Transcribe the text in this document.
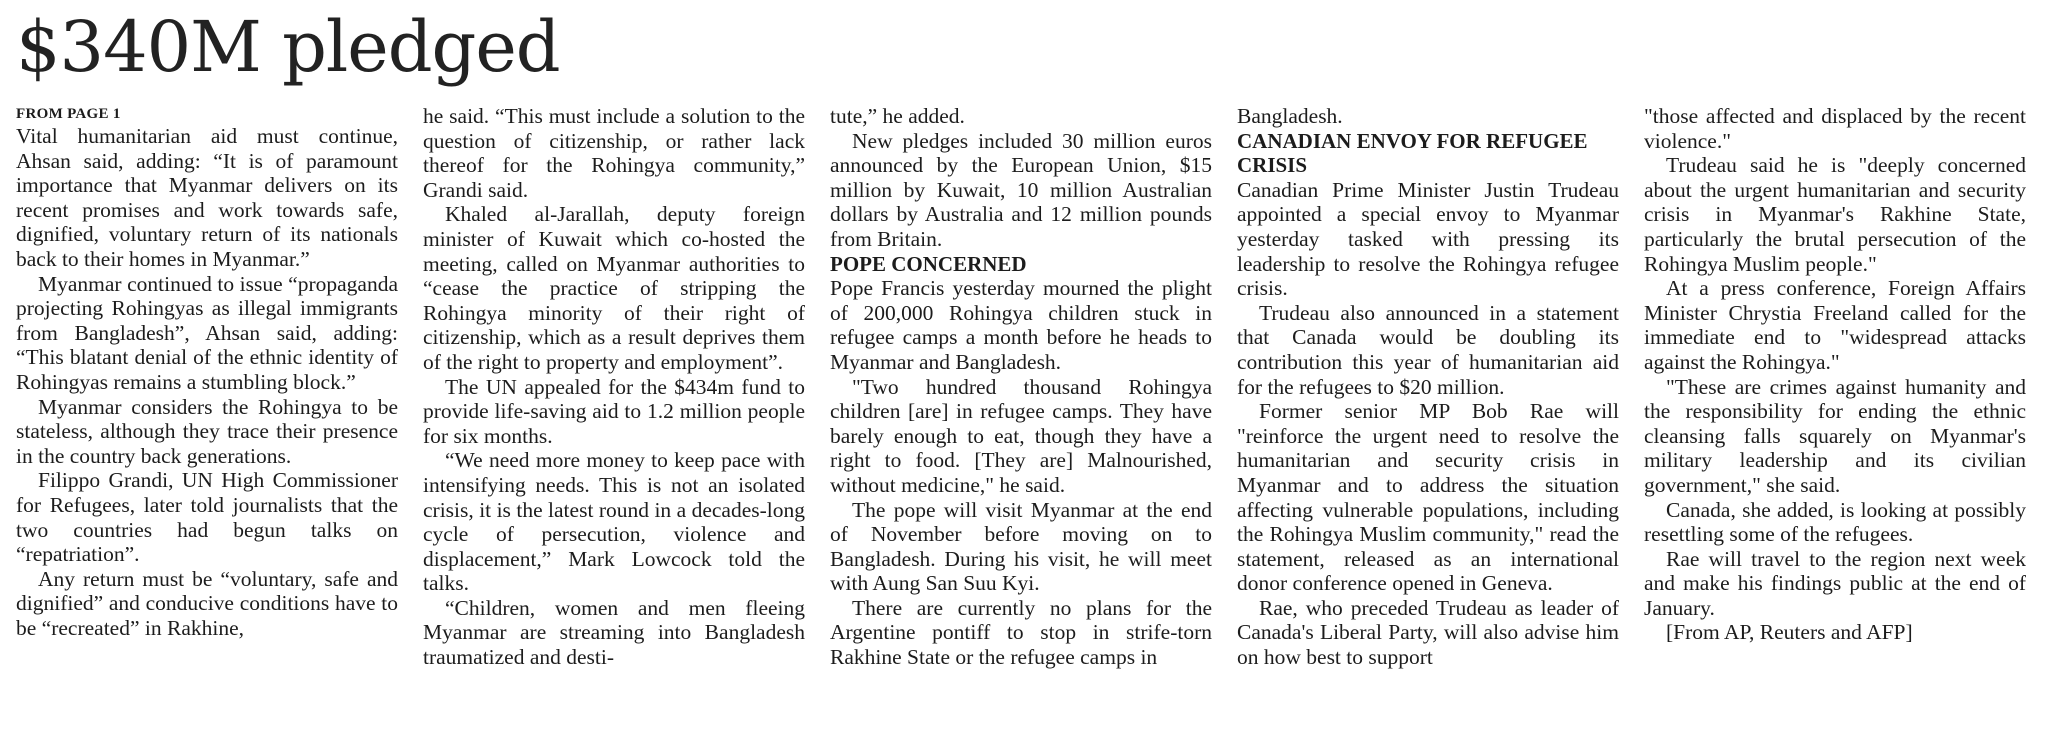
$340M pledged

FROM PAGE 1

Vital humanitarian aid must continue, Ahsan said, adding: “It is of paramount importance that Myanmar delivers on its recent promises and work towards safe, dignified, voluntary return of its nationals back to their homes in Myanmar.”

Myanmar continued to issue “propaganda projecting Rohingyas as illegal immigrants from Bangladesh”, Ahsan said, adding: “This blatant denial of the ethnic identity of Rohingyas remains a stumbling block.”

Myanmar considers the Rohingya to be stateless, although they trace their presence in the country back generations.

Filippo Grandi, UN High Commissioner for Refugees, later told journalists that the two countries had begun talks on “repatriation”.

Any return must be “voluntary, safe and dignified” and conducive conditions have to be “recreated” in Rakhine,

he said. “This must include a solution to the question of citizenship, or rather lack thereof for the Rohingya community,” Grandi said.

Khaled al-Jarallah, deputy foreign minister of Kuwait which co-hosted the meeting, called on Myanmar authorities to “cease the practice of stripping the Rohingya minority of their right of citizenship, which as a result deprives them of the right to property and employment”.

The UN appealed for the $434m fund to provide life-saving aid to 1.2 million people for six months.

“We need more money to keep pace with intensifying needs. This is not an isolated crisis, it is the latest round in a decades-long cycle of persecution, violence and displacement,” Mark Lowcock told the talks.

“Children, women and men fleeing Myanmar are streaming into Bangladesh traumatized and desti-

tute,” he added.

New pledges included 30 million euros announced by the European Union, $15 million by Kuwait, 10 million Australian dollars by Australia and 12 million pounds from Britain.

POPE CONCERNED

Pope Francis yesterday mourned the plight of 200,000 Rohingya children stuck in refugee camps a month before he heads to Myanmar and Bangladesh.

"Two hundred thousand Rohingya children [are] in refugee camps. They have barely enough to eat, though they have a right to food. [They are] Malnourished, without medicine," he said.

The pope will visit Myanmar at the end of November before moving on to Bangladesh. During his visit, he will meet with Aung San Suu Kyi.

There are currently no plans for the Argentine pontiff to stop in strife-torn Rakhine State or the refugee camps in

Bangladesh.

CANADIAN ENVOY FOR REFUGEE CRISIS

Canadian Prime Minister Justin Trudeau appointed a special envoy to Myanmar yesterday tasked with pressing its leadership to resolve the Rohingya refugee crisis.

Trudeau also announced in a statement that Canada would be doubling its contribution this year of humanitarian aid for the refugees to $20 million.

Former senior MP Bob Rae will "reinforce the urgent need to resolve the humanitarian and security crisis in Myanmar and to address the situation affecting vulnerable populations, including the Rohingya Muslim community," read the statement, released as an international donor conference opened in Geneva.

Rae, who preceded Trudeau as leader of Canada's Liberal Party, will also advise him on how best to support

"those affected and displaced by the recent violence."

Trudeau said he is "deeply concerned about the urgent humanitarian and security crisis in Myanmar's Rakhine State, particularly the brutal persecution of the Rohingya Muslim people."

At a press conference, Foreign Affairs Minister Chrystia Freeland called for the immediate end to "widespread attacks against the Rohingya."

"These are crimes against humanity and the responsibility for ending the ethnic cleansing falls squarely on Myanmar's military leadership and its civilian government," she said.

Canada, she added, is looking at possibly resettling some of the refugees.

Rae will travel to the region next week and make his findings public at the end of January.

[From AP, Reuters and AFP]
